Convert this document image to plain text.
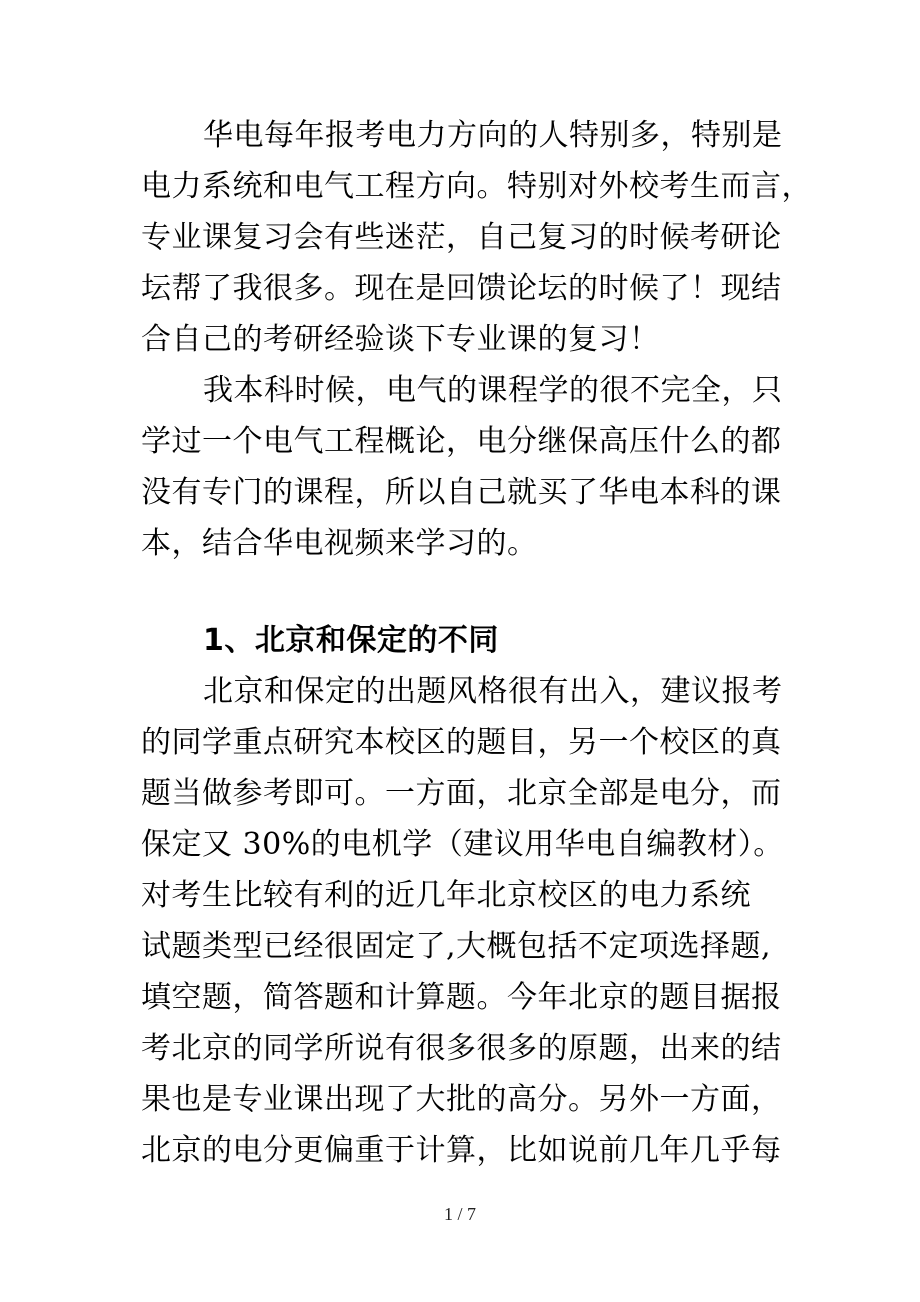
华电每年报考电力方向的人特别多，特别是
电力系统和电气工程方向。特别对外校考生而言，
专业课复习会有些迷茫，自己复习的时候考研论
坛帮了我很多。现在是回馈论坛的时候了！现结
合自己的考研经验谈下专业课的复习！
我本科时候，电气的课程学的很不完全，只
学过一个电气工程概论，电分继保高压什么的都
没有专门的课程，所以自己就买了华电本科的课
本，结合华电视频来学习的。
1、北京和保定的不同
北京和保定的出题风格很有出入，建议报考
的同学重点研究本校区的题目，另一个校区的真
题当做参考即可。一方面，北京全部是电分，而
保定又 30%的电机学（建议用华电自编教材）。
对考生比较有利的近几年北京校区的电力系统
试题类型已经很固定了,大概包括不定项选择题,
填空题，简答题和计算题。今年北京的题目据报
考北京的同学所说有很多很多的原题，出来的结
果也是专业课出现了大批的高分。另外一方面，
北京的电分更偏重于计算，比如说前几年几乎每
1 / 7
